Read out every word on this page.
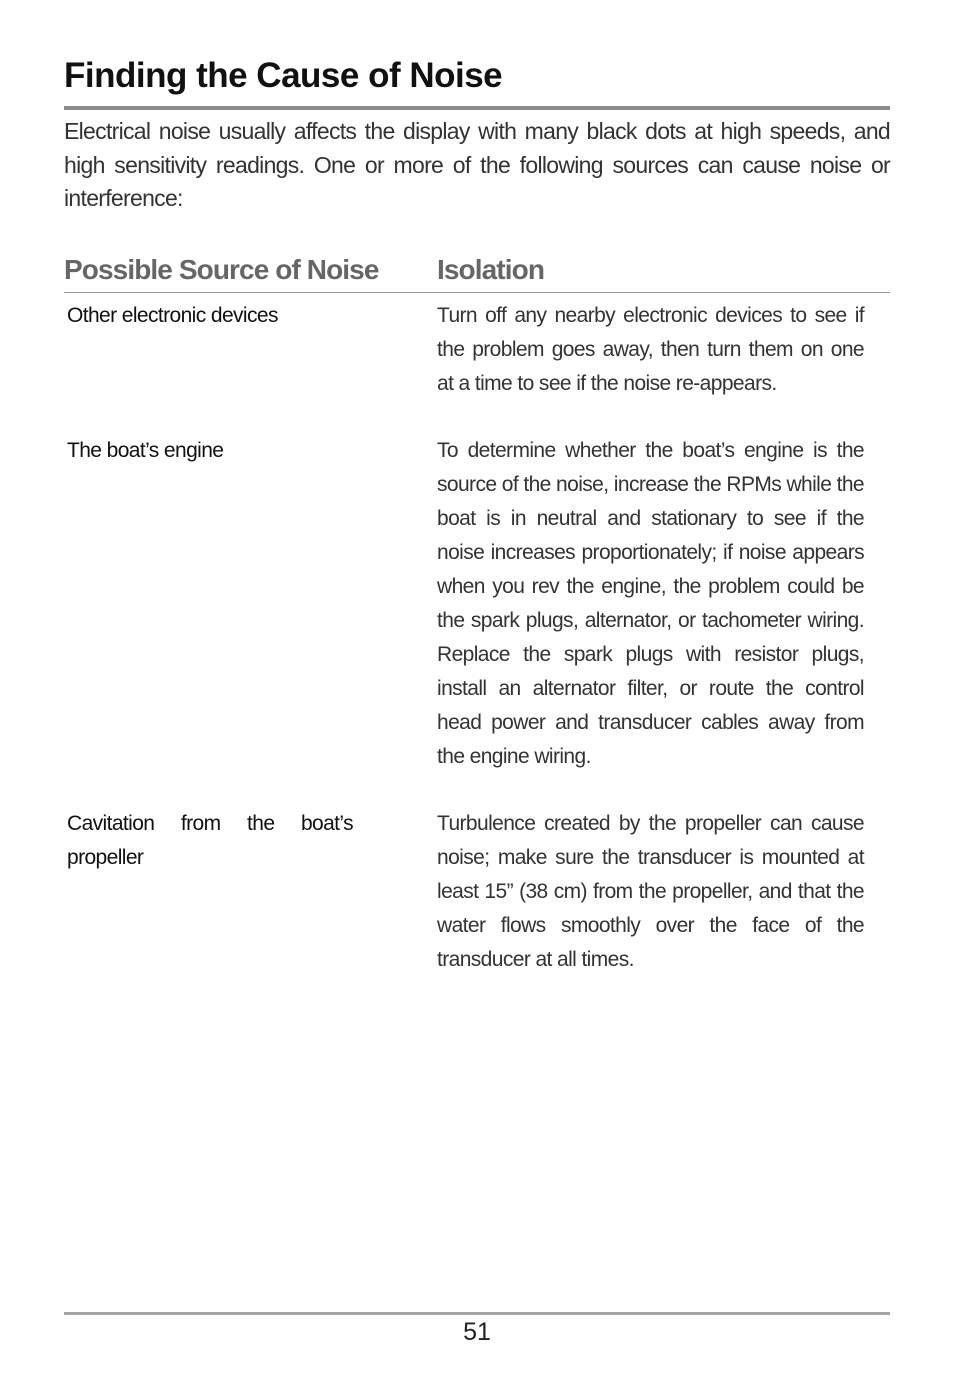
Finding the Cause of Noise

Electrical noise usually affects the display with many black dots at high speeds, and high sensitivity readings. One or more of the following sources can cause noise or interference:

Possible Source of Noise Isolation

Other electronic devices	Turn off any nearby electronic devices to see if the problem goes away, then turn them on one at a time to see if the noise re-appears.

The boat’s engine	To determine whether the boat’s engine is the source of the noise, increase the RPMs while the boat is in neutral and stationary to see if the noise increases proportionately; if noise appears when you rev the engine, the problem could be the spark plugs, alternator, or tachometer wiring. Replace the spark plugs with resistor plugs, install an alternator filter, or route the control head power and transducer cables away from the engine wiring.

Cavitation from the boat’s propeller

Turbulence created by the propeller can cause noise; make sure the transducer is mounted at least 15” (38 cm) from the propeller, and that the water flows smoothly over the face of the transducer at all times.

51
